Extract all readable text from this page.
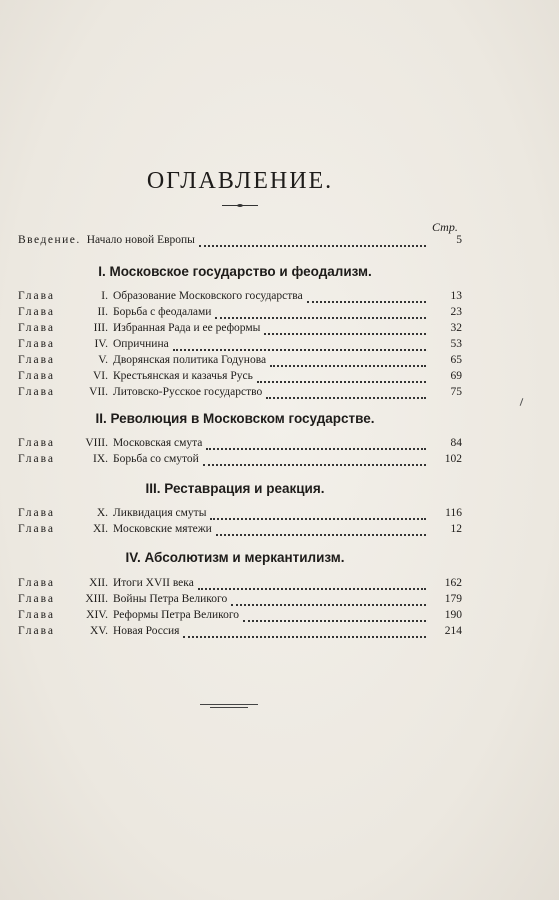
ОГЛАВЛЕНИЕ.
Стр.
Введение. Начало новой Европы	5
I. Московское государство и феодализм.
Глава	I. Образование Московского государства	13
Глава	II. Борьба с феодалами	23
Глава	III. Избранная Рада и ее реформы	32
Глава	IV. Опричнина	53
Глава	V. Дворянская политика Годунова	65
Глава	VI. Крестьянская и казачья Русь	69
Глава	VII. Литовско-Русское государство	75
II. Революция в Московском государстве.
Глава	VIII. Московская смута	84
Глава	IX. Борьба со смутой	102
III. Реставрация и реакция.
Глава	X. Ликвидация смуты	116
Глава	XI. Московские мятежи	12
IV. Абсолютизм и меркантилизм.
Глава	XII. Итоги XVII века	162
Глава	XIII. Войны Петра Великого	179
Глава	XIV. Реформы Петра Великого	190
Глава	XV. Новая Россия	214
